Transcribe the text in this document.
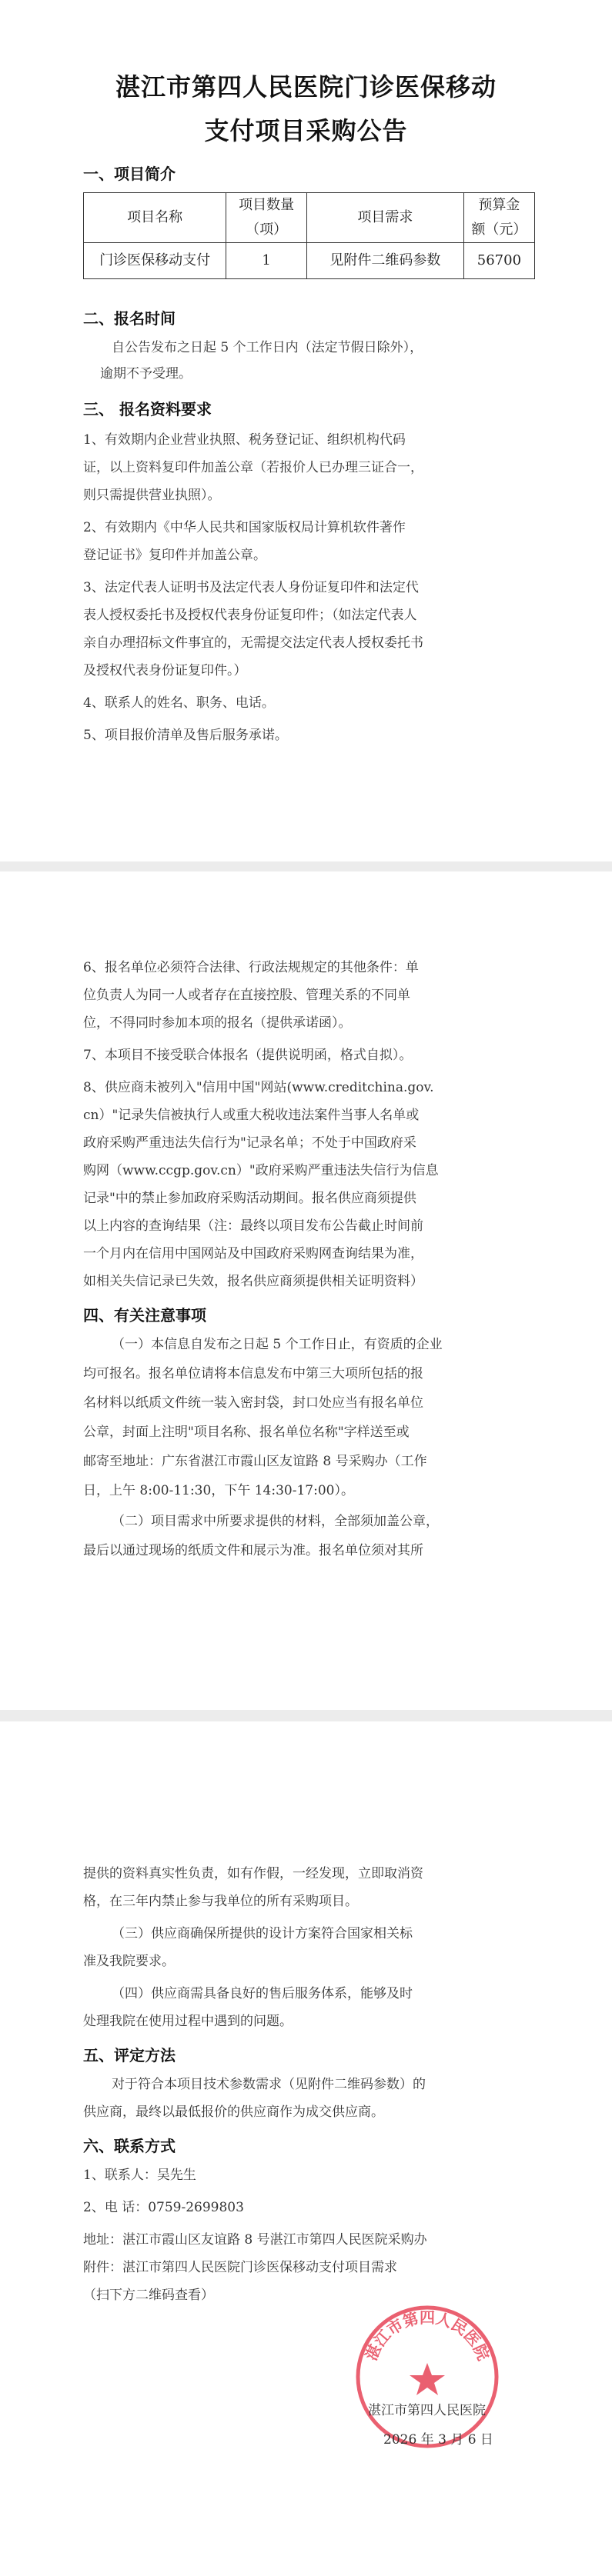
湛江市第四人民医院门诊医保移动
支付项目采购公告
一、项目简介
项目名称	项目数量	项目需求	预算金
	（项）		额（元）
门诊医保移动支付	1	见附件二维码参数	56700
二、报名时间
自公告发布之日起 5 个工作日内（法定节假日除外），
逾期不予受理。
三、 报名资料要求
1、有效期内企业营业执照、税务登记证、组织机构代码
证，以上资料复印件加盖公章（若报价人已办理三证合一，
则只需提供营业执照）。
2、有效期内《中华人民共和国家版权局计算机软件著作
登记证书》复印件并加盖公章。
3、法定代表人证明书及法定代表人身份证复印件和法定代
表人授权委托书及授权代表身份证复印件；（如法定代表人
亲自办理招标文件事宜的，无需提交法定代表人授权委托书
及授权代表身份证复印件。）
4、联系人的姓名、职务、电话。
5、项目报价清单及售后服务承诺。
6、报名单位必须符合法律、行政法规规定的其他条件：单
位负责人为同一人或者存在直接控股、管理关系的不同单
位，不得同时参加本项的报名（提供承诺函）。
7、本项目不接受联合体报名（提供说明函，格式自拟）。
8、供应商未被列入"信用中国"网站(www.creditchina.gov.
cn）"记录失信被执行人或重大税收违法案件当事人名单或
政府采购严重违法失信行为"记录名单；不处于中国政府采
购网（www.ccgp.gov.cn）"政府采购严重违法失信行为信息
记录"中的禁止参加政府采购活动期间。报名供应商须提供
以上内容的查询结果（注：最终以项目发布公告截止时间前
一个月内在信用中国网站及中国政府采购网查询结果为准，
如相关失信记录已失效，报名供应商须提供相关证明资料）
四、有关注意事项
（一）本信息自发布之日起 5 个工作日止，有资质的企业
均可报名。报名单位请将本信息发布中第三大项所包括的报
名材料以纸质文件统一装入密封袋，封口处应当有报名单位
公章，封面上注明"项目名称、报名单位名称"字样送至或
邮寄至地址：广东省湛江市霞山区友谊路 8 号采购办（工作
日，上午 8:00-11:30，下午 14:30-17:00）。
（二）项目需求中所要求提供的材料，全部须加盖公章，
最后以通过现场的纸质文件和展示为准。报名单位须对其所
提供的资料真实性负责，如有作假，一经发现，立即取消资
格，在三年内禁止参与我单位的所有采购项目。
（三）供应商确保所提供的设计方案符合国家相关标
准及我院要求。
（四）供应商需具备良好的售后服务体系，能够及时
处理我院在使用过程中遇到的问题。
五、评定方法
对于符合本项目技术参数需求（见附件二维码参数）的
供应商，最终以最低报价的供应商作为成交供应商。
六、联系方式
1、联系人：吴先生
2、电 话：0759-2699803
地址：湛江市霞山区友谊路 8 号湛江市第四人民医院采购办
附件：湛江市第四人民医院门诊医保移动支付项目需求
（扫下方二维码查看）
湛江市第四人民医院
湛江市第四人民医院
2026 年 3 月 6 日
